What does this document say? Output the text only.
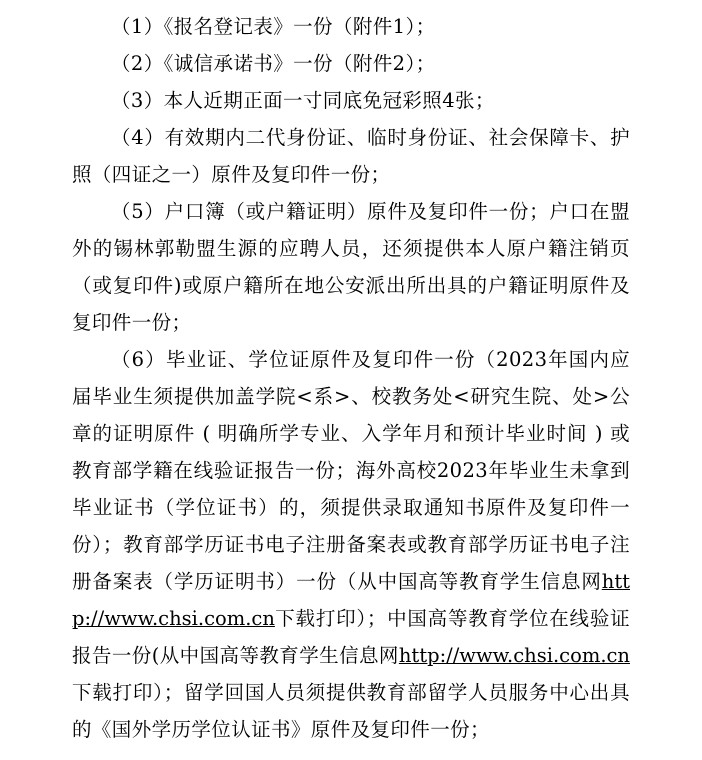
（1）《报名登记表》一份（附件1）；

（2）《诚信承诺书》一份（附件2）；

（3）本人近期正面一寸同底免冠彩照4张；

（4）有效期内二代身份证、临时身份证、社会保障卡、护照（四证之一）原件及复印件一份；

（5）户口簿（或户籍证明）原件及复印件一份；户口在盟外的锡林郭勒盟生源的应聘人员，还须提供本人原户籍注销页（或复印件)或原户籍所在地公安派出所出具的户籍证明原件及复印件一份；

（6）毕业证、学位证原件及复印件一份（2023年国内应届毕业生须提供加盖学院<系>、校教务处<研究生院、处>公章的证明原件 ( 明确所学专业、入学年月和预计毕业时间 ) 或教育部学籍在线验证报告一份；海外高校2023年毕业生未拿到毕业证书（学位证书）的，须提供录取通知书原件及复印件一份）；教育部学历证书电子注册备案表或教育部学历证书电子注册备案表（学历证明书）一份（从中国高等教育学生信息网http://www.chsi.com.cn下载打印）；中国高等教育学位在线验证报告一份(从中国高等教育学生信息网http://www.chsi.com.cn下载打印）；留学回国人员须提供教育部留学人员服务中心出具的《国外学历学位认证书》原件及复印件一份；
